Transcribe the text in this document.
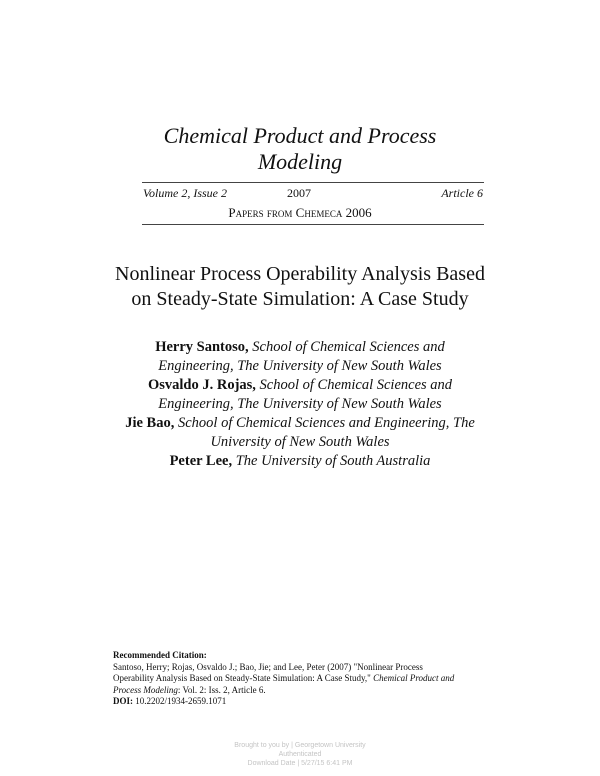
Chemical Product and Process
Modeling
Volume 2, Issue 2	2007	Article 6
Papers from Chemeca 2006
Nonlinear Process Operability Analysis Based
on Steady-State Simulation: A Case Study
Herry Santoso, School of Chemical Sciences and
Engineering, The University of New South Wales
Osvaldo J. Rojas, School of Chemical Sciences and
Engineering, The University of New South Wales
Jie Bao, School of Chemical Sciences and Engineering, The
University of New South Wales
Peter Lee, The University of South Australia
Recommended Citation:
Santoso, Herry; Rojas, Osvaldo J.; Bao, Jie; and Lee, Peter (2007) "Nonlinear Process
Operability Analysis Based on Steady-State Simulation: A Case Study," Chemical Product and
Process Modeling: Vol. 2: Iss. 2, Article 6.
DOI: 10.2202/1934-2659.1071
Brought to you by | Georgetown University
Authenticated
Download Date | 5/27/15 6:41 PM
